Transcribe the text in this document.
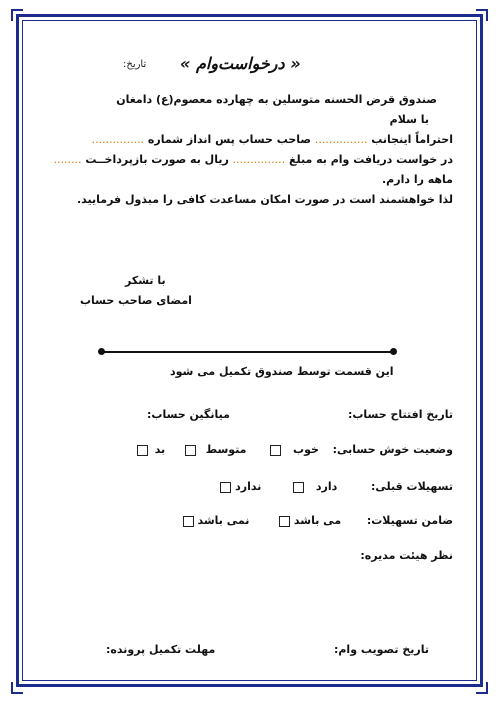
« درخواست‌وام »
تاریخ:
صندوق قرض الحسنه متوسلین به چهارده معصوم(ع) دامغان
با سلام
احتراماً اینجانب ............... صاحب حساب پس انداز شماره ...............
در خواست دریافت وام به مبلغ ............... ریال به صورت بازپرداخــت ........
ماهه را دارم.
لذا خواهشمند است در صورت امکان مساعدت کافی را مبذول فرمایید.
با تشکر
امضای صاحب حساب
این قسمت توسط صندوق تکمیل می شود
تاریخ افتتاح حساب:
میانگین حساب:
وضعیت خوش حسابی:  خوب   متوسط   بد
تسهیلات قبلی:  دارد   ندارد
ضامن تسهیلات:  می باشد   نمی باشد
نظر هیئت مدیره:
تاریخ تصویب وام:
مهلت تکمیل پرونده:
